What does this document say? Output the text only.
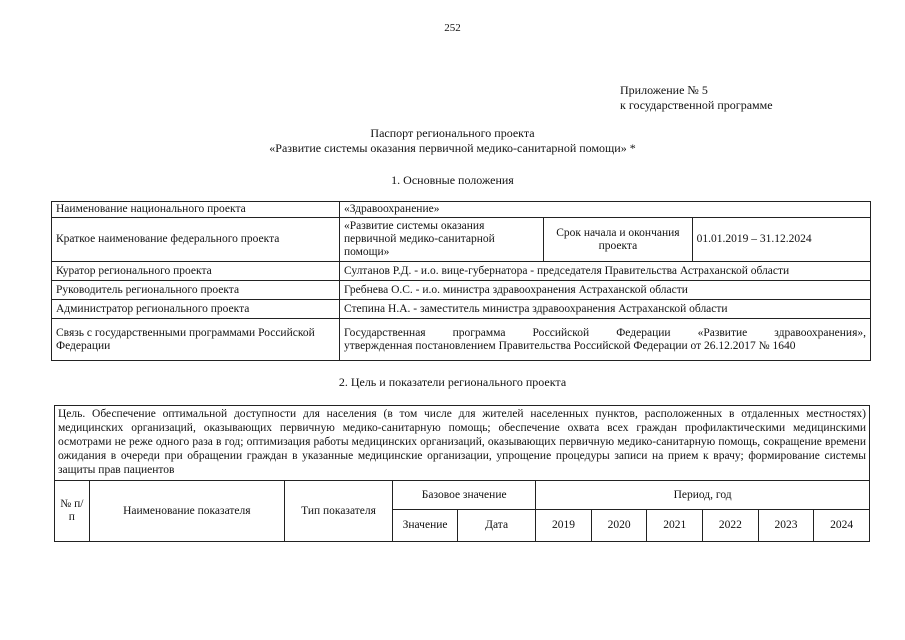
252
Приложение № 5
к государственной программе
Паспорт регионального проекта
«Развитие системы оказания первичной медико-санитарной помощи» *
1. Основные положения
Наименование национального проекта	«Здравоохранение»		
Краткое наименование федерального проекта	«Развитие системы оказания первичной медико-санитарной помощи»	Срок начала и окончания проекта	01.01.2019 – 31.12.2024
Куратор регионального проекта	Султанов Р.Д. - и.о. вице-губернатора - председателя Правительства Астраханской области		
Руководитель регионального проекта	Гребнева О.С. - и.о. министра здравоохранения Астраханской области		
Администратор регионального проекта	Степина Н.А. - заместитель министра здравоохранения Астраханской области		
Связь с государственными программами Российской Федерации	Государственная программа Российской Федерации «Развитие здравоохранения»,
утвержденная постановлением Правительства Российской Федерации от 26.12.2017 № 1640		
2. Цель и показатели регионального проекта
Цель. Обеспечение оптимальной доступности для населения (в том числе для жителей населенных пунктов, расположенных в отдаленных местностях) медицинских организаций, оказывающих первичную медико-санитарную помощь; обеспечение охвата всех граждан профилактическими медицинскими осмотрами не реже одного раза в год; оптимизация работы медицинских организаций, оказывающих первичную медико-санитарную помощь, сокращение времени ожидания в очереди при обращении граждан в указанные медицинские организации, упрощение процедуры записи на прием к врачу; формирование системы защиты прав пациентов
№ п/п	Наименование показателя	Тип показателя	Базовое значение		Период, год					
			Значение	Дата	2019	2020	2021	2022	2023	2024
